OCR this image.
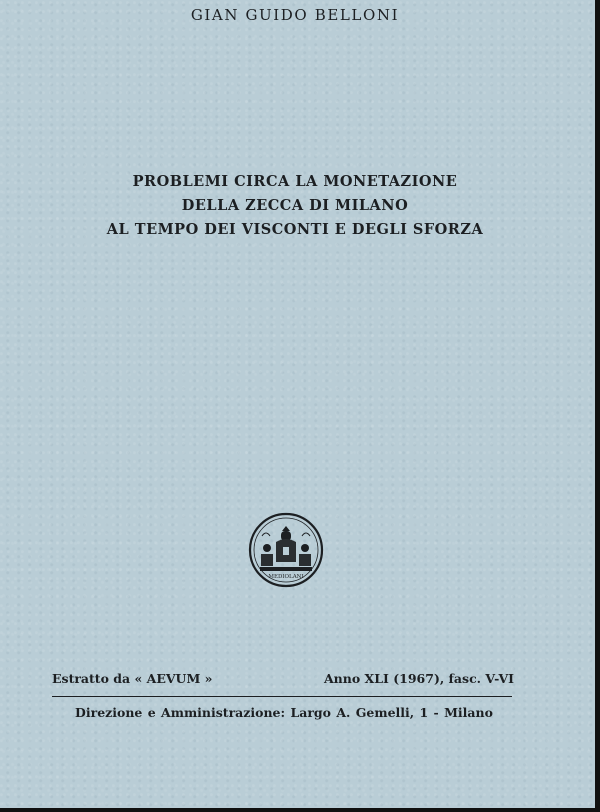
GIAN GUIDO BELLONI
PROBLEMI CIRCA LA MONETAZIONE
DELLA ZECCA DI MILANO
AL TEMPO DEI VISCONTI E DEGLI SFORZA
MEDIOLANI
Estratto da « AEVUM »	Anno XLI (1967), fasc. V-VI
Direzione e Amministrazione: Largo A. Gemelli, 1 - Milano
